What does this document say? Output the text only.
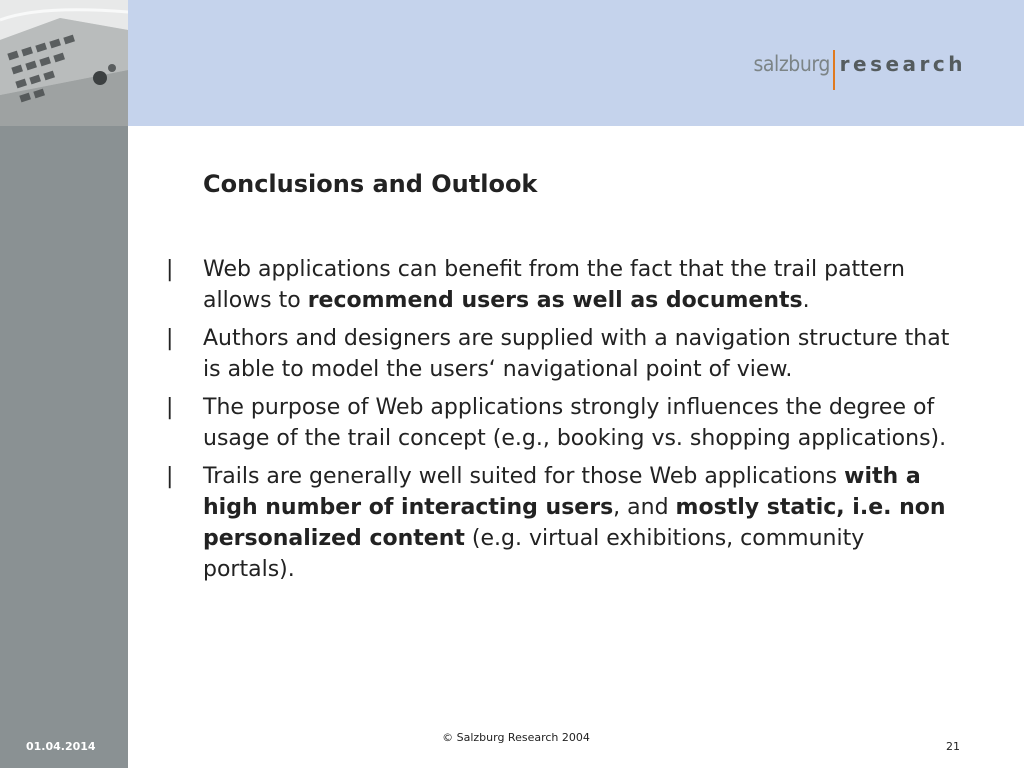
salzburg research
Conclusions and Outlook
|	Web applications can benefit from the fact that the trail pattern allows to recommend users as well as documents.
|	Authors and designers are supplied with a navigation structure that is able to model the users‘ navigational point of view.
|	The purpose of Web applications strongly influences the degree of usage of the trail concept (e.g., booking vs. shopping applications).
|	Trails are generally well suited for those Web applications with a high number of interacting users, and mostly static, i.e. non personalized content (e.g. virtual exhibitions, community portals).
01.04.2014
© Salzburg Research 2004
21
